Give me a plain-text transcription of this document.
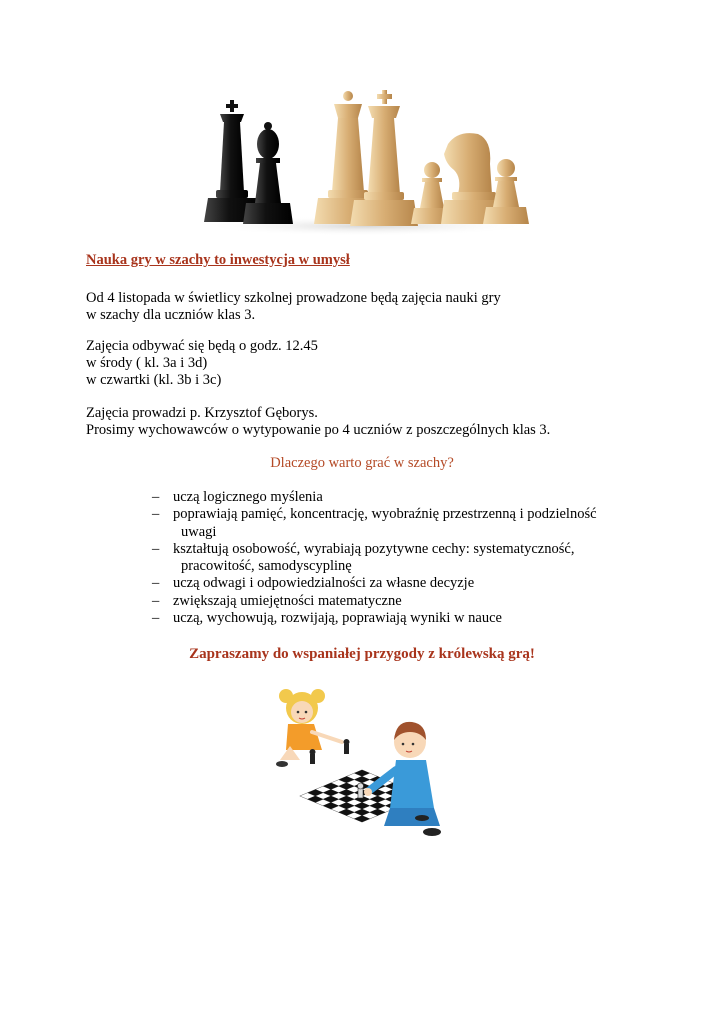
Nauka gry w szachy to inwestycja w umysł
Od 4 listopada w świetlicy szkolnej prowadzone będą zajęcia nauki gry
w szachy dla uczniów klas 3.
Zajęcia odbywać się będą o godz. 12.45
w środy ( kl. 3a i 3d)
w czwartki (kl. 3b i 3c)
Zajęcia prowadzi p. Krzysztof Gęborys.
Prosimy wychowawców o wytypowanie po 4 uczniów z poszczególnych klas 3.
Dlaczego warto grać w szachy?
– uczą logicznego myślenia
– poprawiają pamięć, koncentrację, wyobraźnię przestrzenną i podzielność
uwagi
– kształtują osobowość, wyrabiają pozytywne cechy: systematyczność,
pracowitość, samodyscyplinę
– uczą odwagi i odpowiedzialności za własne decyzje
– zwiększają umiejętności matematyczne
– uczą, wychowują, rozwijają, poprawiają wyniki w nauce
Zapraszamy do wspaniałej przygody z królewską grą!
